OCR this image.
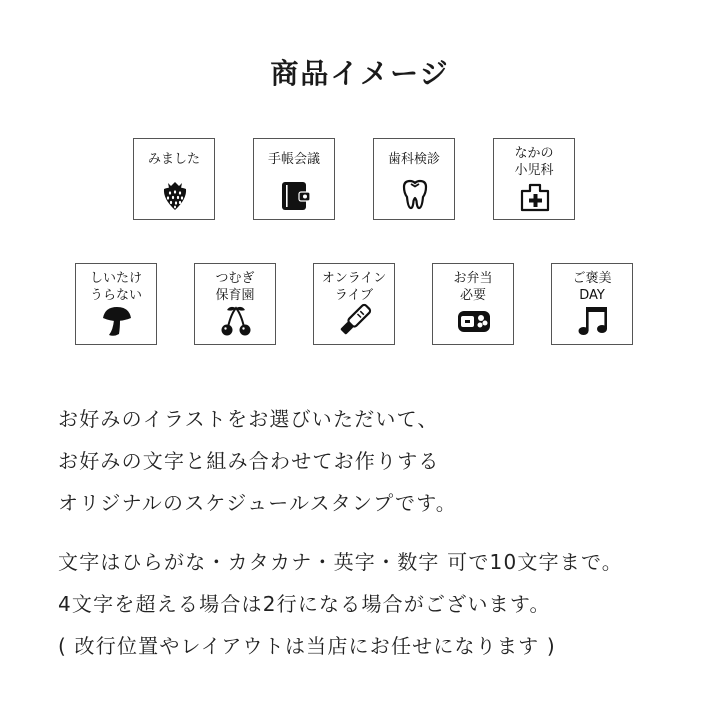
商品イメージ
みました	手帳会議	歯科検診	なかの
小児科
しいたけ
うらない
つむぎ
保育園
オンライン
ライブ
お弁当
必要
ご褒美
DAY
お好みのイラストをお選びいただいて、
お好みの文字と組み合わせてお作りする
オリジナルのスケジュールスタンプです。
文字はひらがな・カタカナ・英字・数字 可で10文字まで。
4文字を超える場合は2行になる場合がございます。
( 改行位置やレイアウトは当店にお任せになります )
